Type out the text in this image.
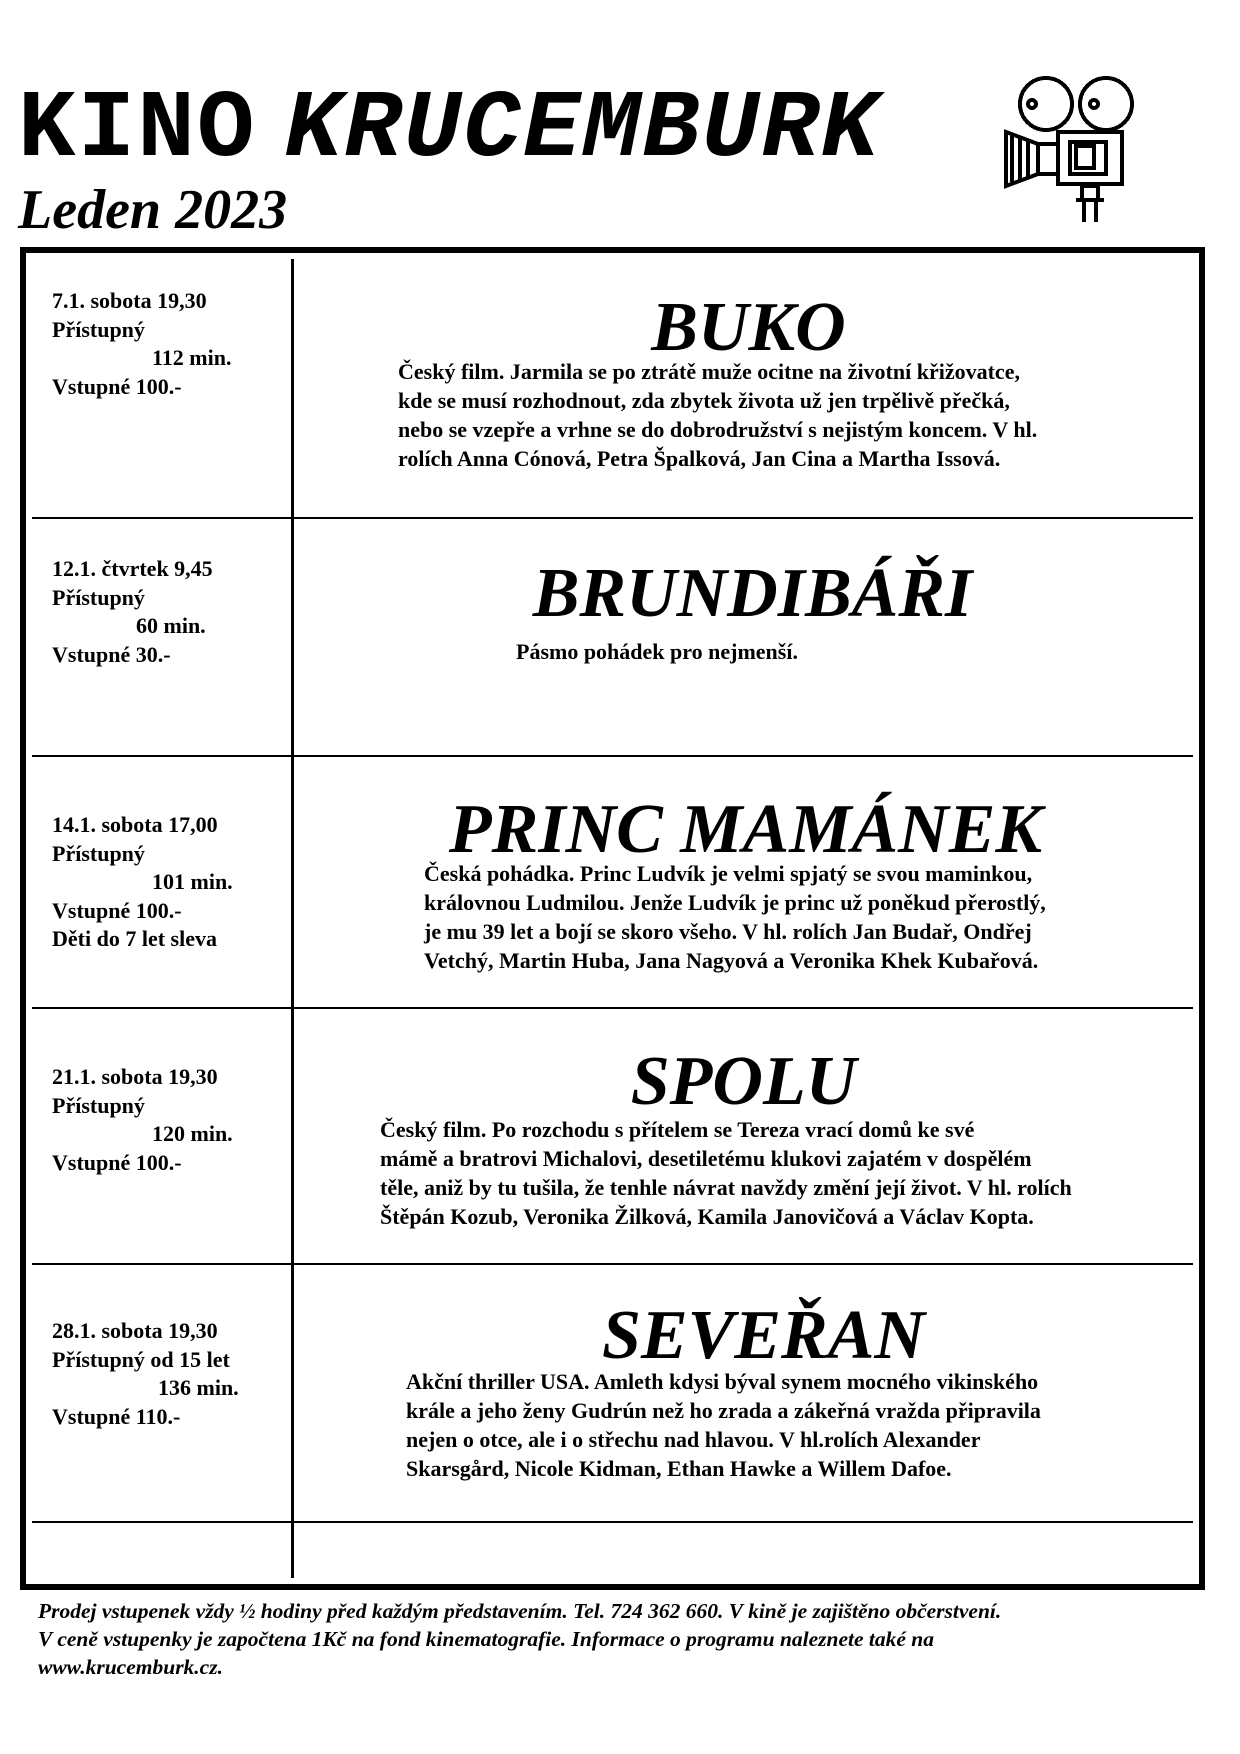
KINO KRUCEMBURK
Leden 2023
7.1. sobota 19,30
Přístupný
112 min.
Vstupné 100.-
BUKO
Český film. Jarmila se po ztrátě muže ocitne na životní křižovatce,
kde se musí rozhodnout, zda zbytek života už jen trpělivě přečká,
nebo se vzepře a vrhne se do dobrodružství s nejistým koncem. V hl.
rolích Anna Cónová, Petra Špalková, Jan Cina a Martha Issová.
12.1. čtvrtek 9,45
Přístupný
60 min.
Vstupné 30.-
BRUNDIBÁŘI
Pásmo pohádek pro nejmenší.
14.1. sobota 17,00
Přístupný
101 min.
Vstupné 100.-
Děti do 7 let sleva
PRINC MAMÁNEK
Česká pohádka. Princ Ludvík je velmi spjatý se svou maminkou,
královnou Ludmilou. Jenže Ludvík je princ už poněkud přerostlý,
je mu 39 let a bojí se skoro všeho. V hl. rolích Jan Budař, Ondřej
Vetchý, Martin Huba, Jana Nagyová a Veronika Khek Kubařová.
21.1. sobota 19,30
Přístupný
120 min.
Vstupné 100.-
SPOLU
Český film. Po rozchodu s přítelem se Tereza vrací domů ke své
mámě a bratrovi Michalovi, desetiletému klukovi zajatém v dospělém
těle, aniž by tu tušila, že tenhle návrat navždy změní její život. V hl. rolích
Štěpán Kozub, Veronika Žilková, Kamila Janovičová a Václav Kopta.
28.1. sobota 19,30
Přístupný od 15 let
136 min.
Vstupné 110.-
SEVEŘAN
Akční thriller USA. Amleth kdysi býval synem mocného vikinského
krále a jeho ženy Gudrún než ho zrada a zákeřná vražda připravila
nejen o otce, ale i o střechu nad hlavou. V hl.rolích Alexander
Skarsgård, Nicole Kidman, Ethan Hawke a Willem Dafoe.
Prodej vstupenek vždy ½ hodiny před každým představením. Tel. 724 362 660. V kině je zajištěno občerstvení.
V ceně vstupenky je započtena 1Kč na fond kinematografie. Informace o programu naleznete také na
www.krucemburk.cz.
